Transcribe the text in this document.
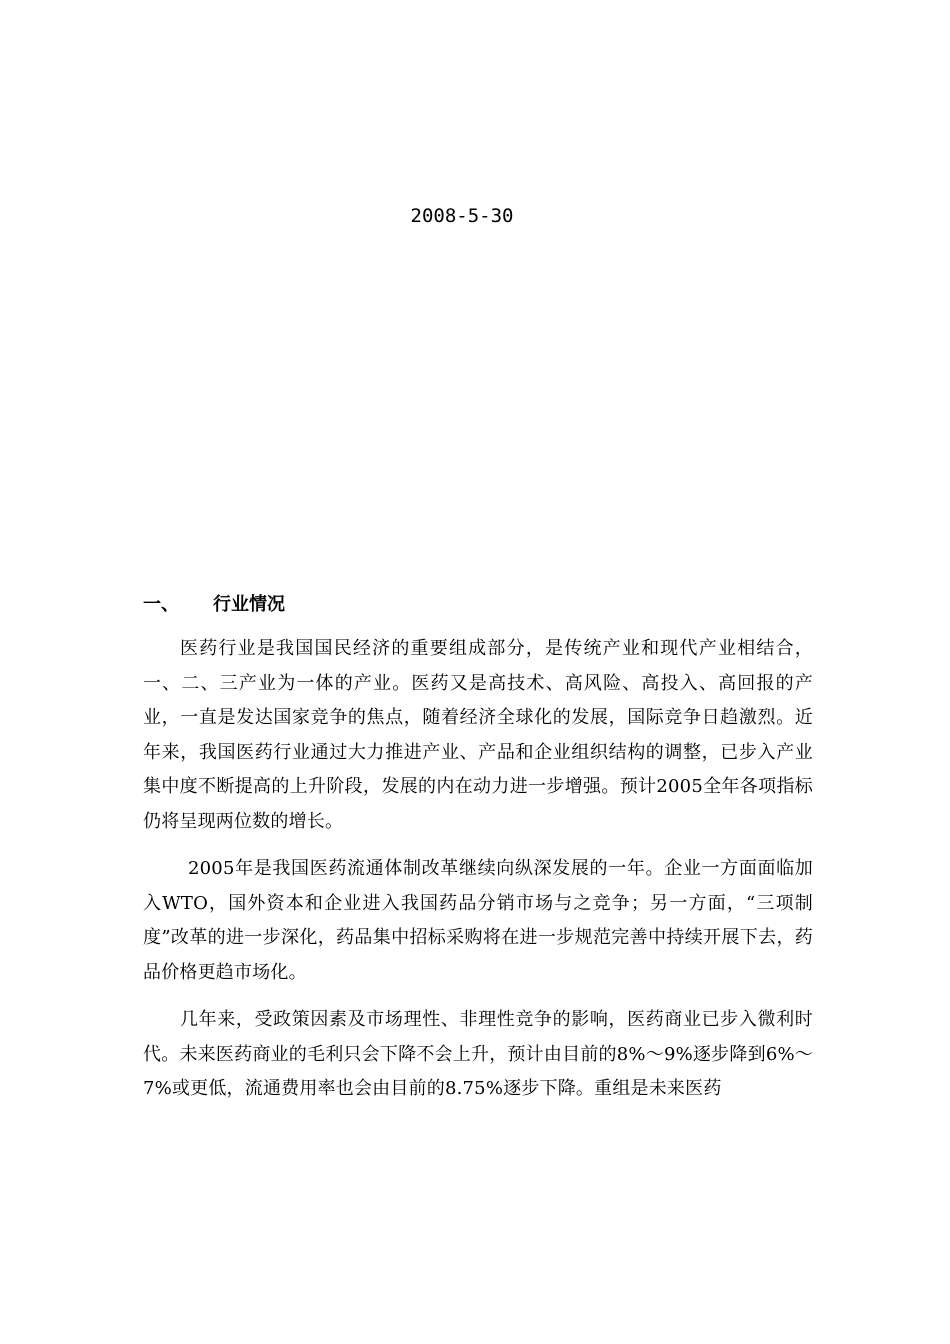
2008-5-30
一、 行业情况

医药行业是我国国民经济的重要组成部分，是传统产业和现代产业相结合，一、二、三产业为一体的产业。医药又是高技术、高风险、高投入、高回报的产业，一直是发达国家竞争的焦点，随着经济全球化的发展，国际竞争日趋激烈。近年来，我国医药行业通过大力推进产业、产品和企业组织结构的调整，已步入产业集中度不断提高的上升阶段，发展的内在动力进一步增强。预计2005全年各项指标仍将呈现两位数的增长。

2005年是我国医药流通体制改革继续向纵深发展的一年。企业一方面面临加入WTO，国外资本和企业进入我国药品分销市场与之竞争；另一方面，“三项制度”改革的进一步深化，药品集中招标采购将在进一步规范完善中持续开展下去，药品价格更趋市场化。

几年来，受政策因素及市场理性、非理性竞争的影响，医药商业已步入微利时代。未来医药商业的毛利只会下降不会上升，预计由目前的8%～9%逐步降到6%～7%或更低，流通费用率也会由目前的8.75%逐步下降。重组是未来医药
